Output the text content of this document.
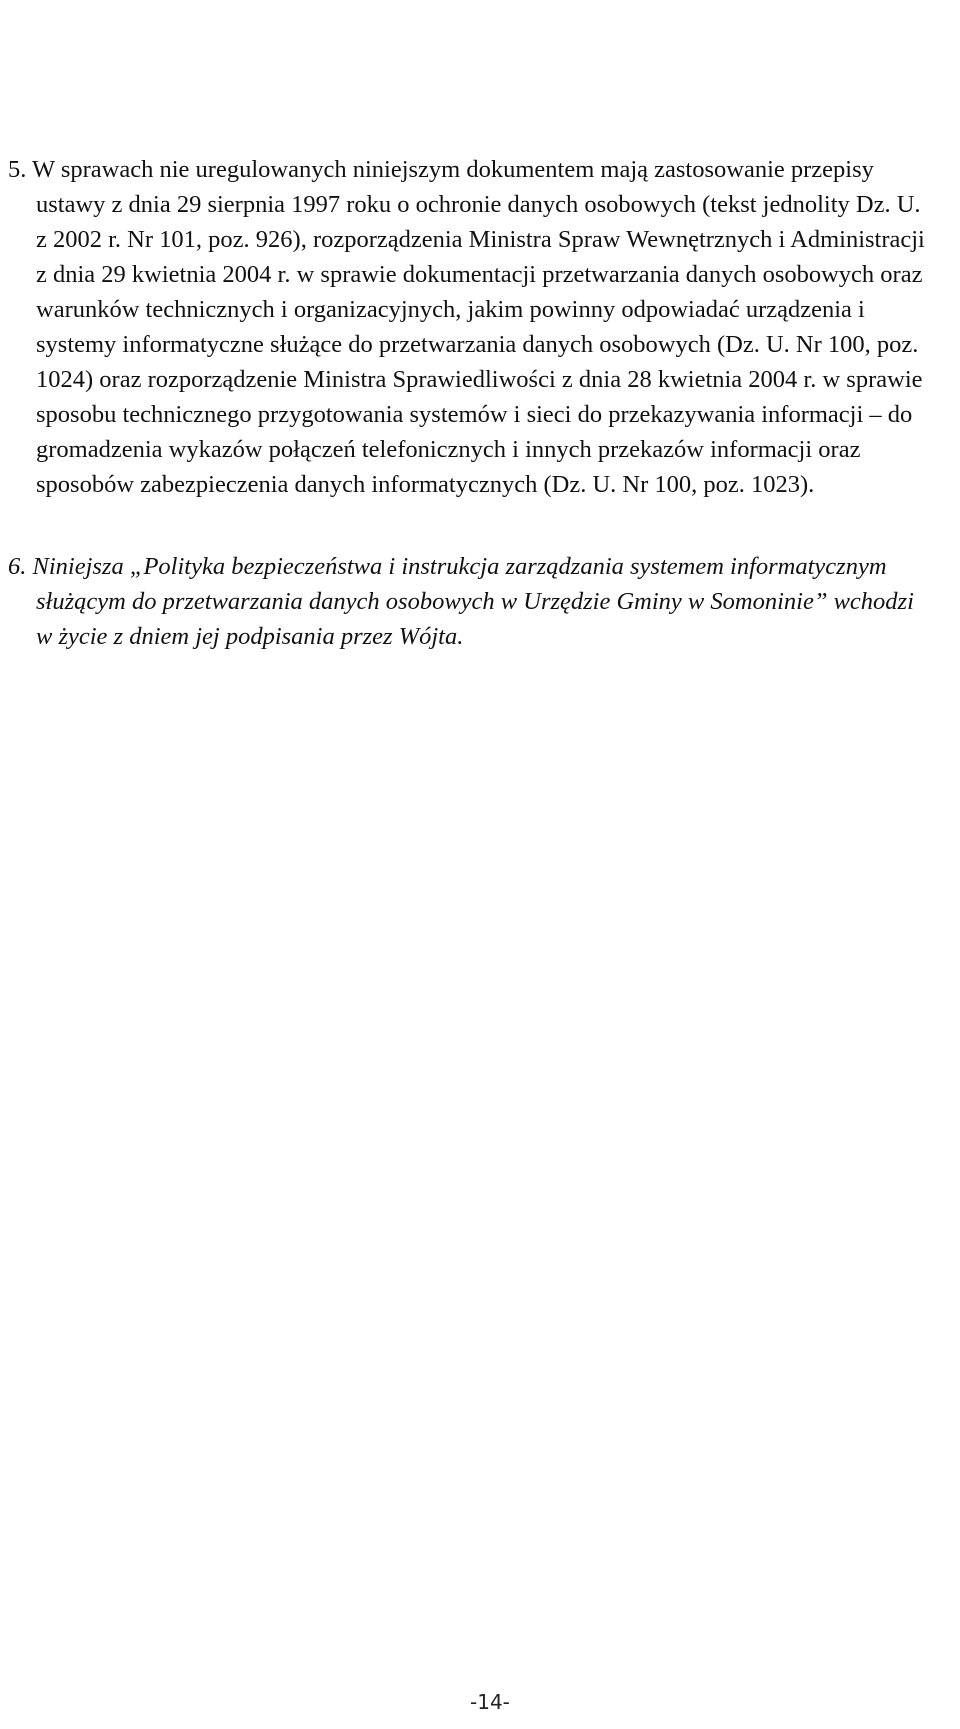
5. W sprawach nie uregulowanych niniejszym dokumentem mają zastosowanie przepisy
ustawy z dnia 29 sierpnia 1997 roku o ochronie danych osobowych (tekst jednolity Dz. U.
z 2002 r. Nr 101, poz. 926), rozporządzenia Ministra Spraw Wewnętrznych i Administracji
z dnia 29 kwietnia 2004 r. w sprawie dokumentacji przetwarzania danych osobowych oraz
warunków technicznych i organizacyjnych, jakim powinny odpowiadać urządzenia i
systemy informatyczne służące do przetwarzania danych osobowych (Dz. U. Nr 100, poz.
1024) oraz rozporządzenie Ministra Sprawiedliwości z dnia 28 kwietnia 2004 r. w sprawie
sposobu technicznego przygotowania systemów i sieci do przekazywania informacji – do
gromadzenia wykazów połączeń telefonicznych i innych przekazów informacji oraz
sposobów zabezpieczenia danych informatycznych (Dz. U. Nr 100, poz. 1023).
6. Niniejsza „Polityka bezpieczeństwa i instrukcja zarządzania systemem informatycznym
służącym do przetwarzania danych osobowych w Urzędzie Gminy w Somoninie” wchodzi
w życie z dniem jej podpisania przez Wójta.
-14-
